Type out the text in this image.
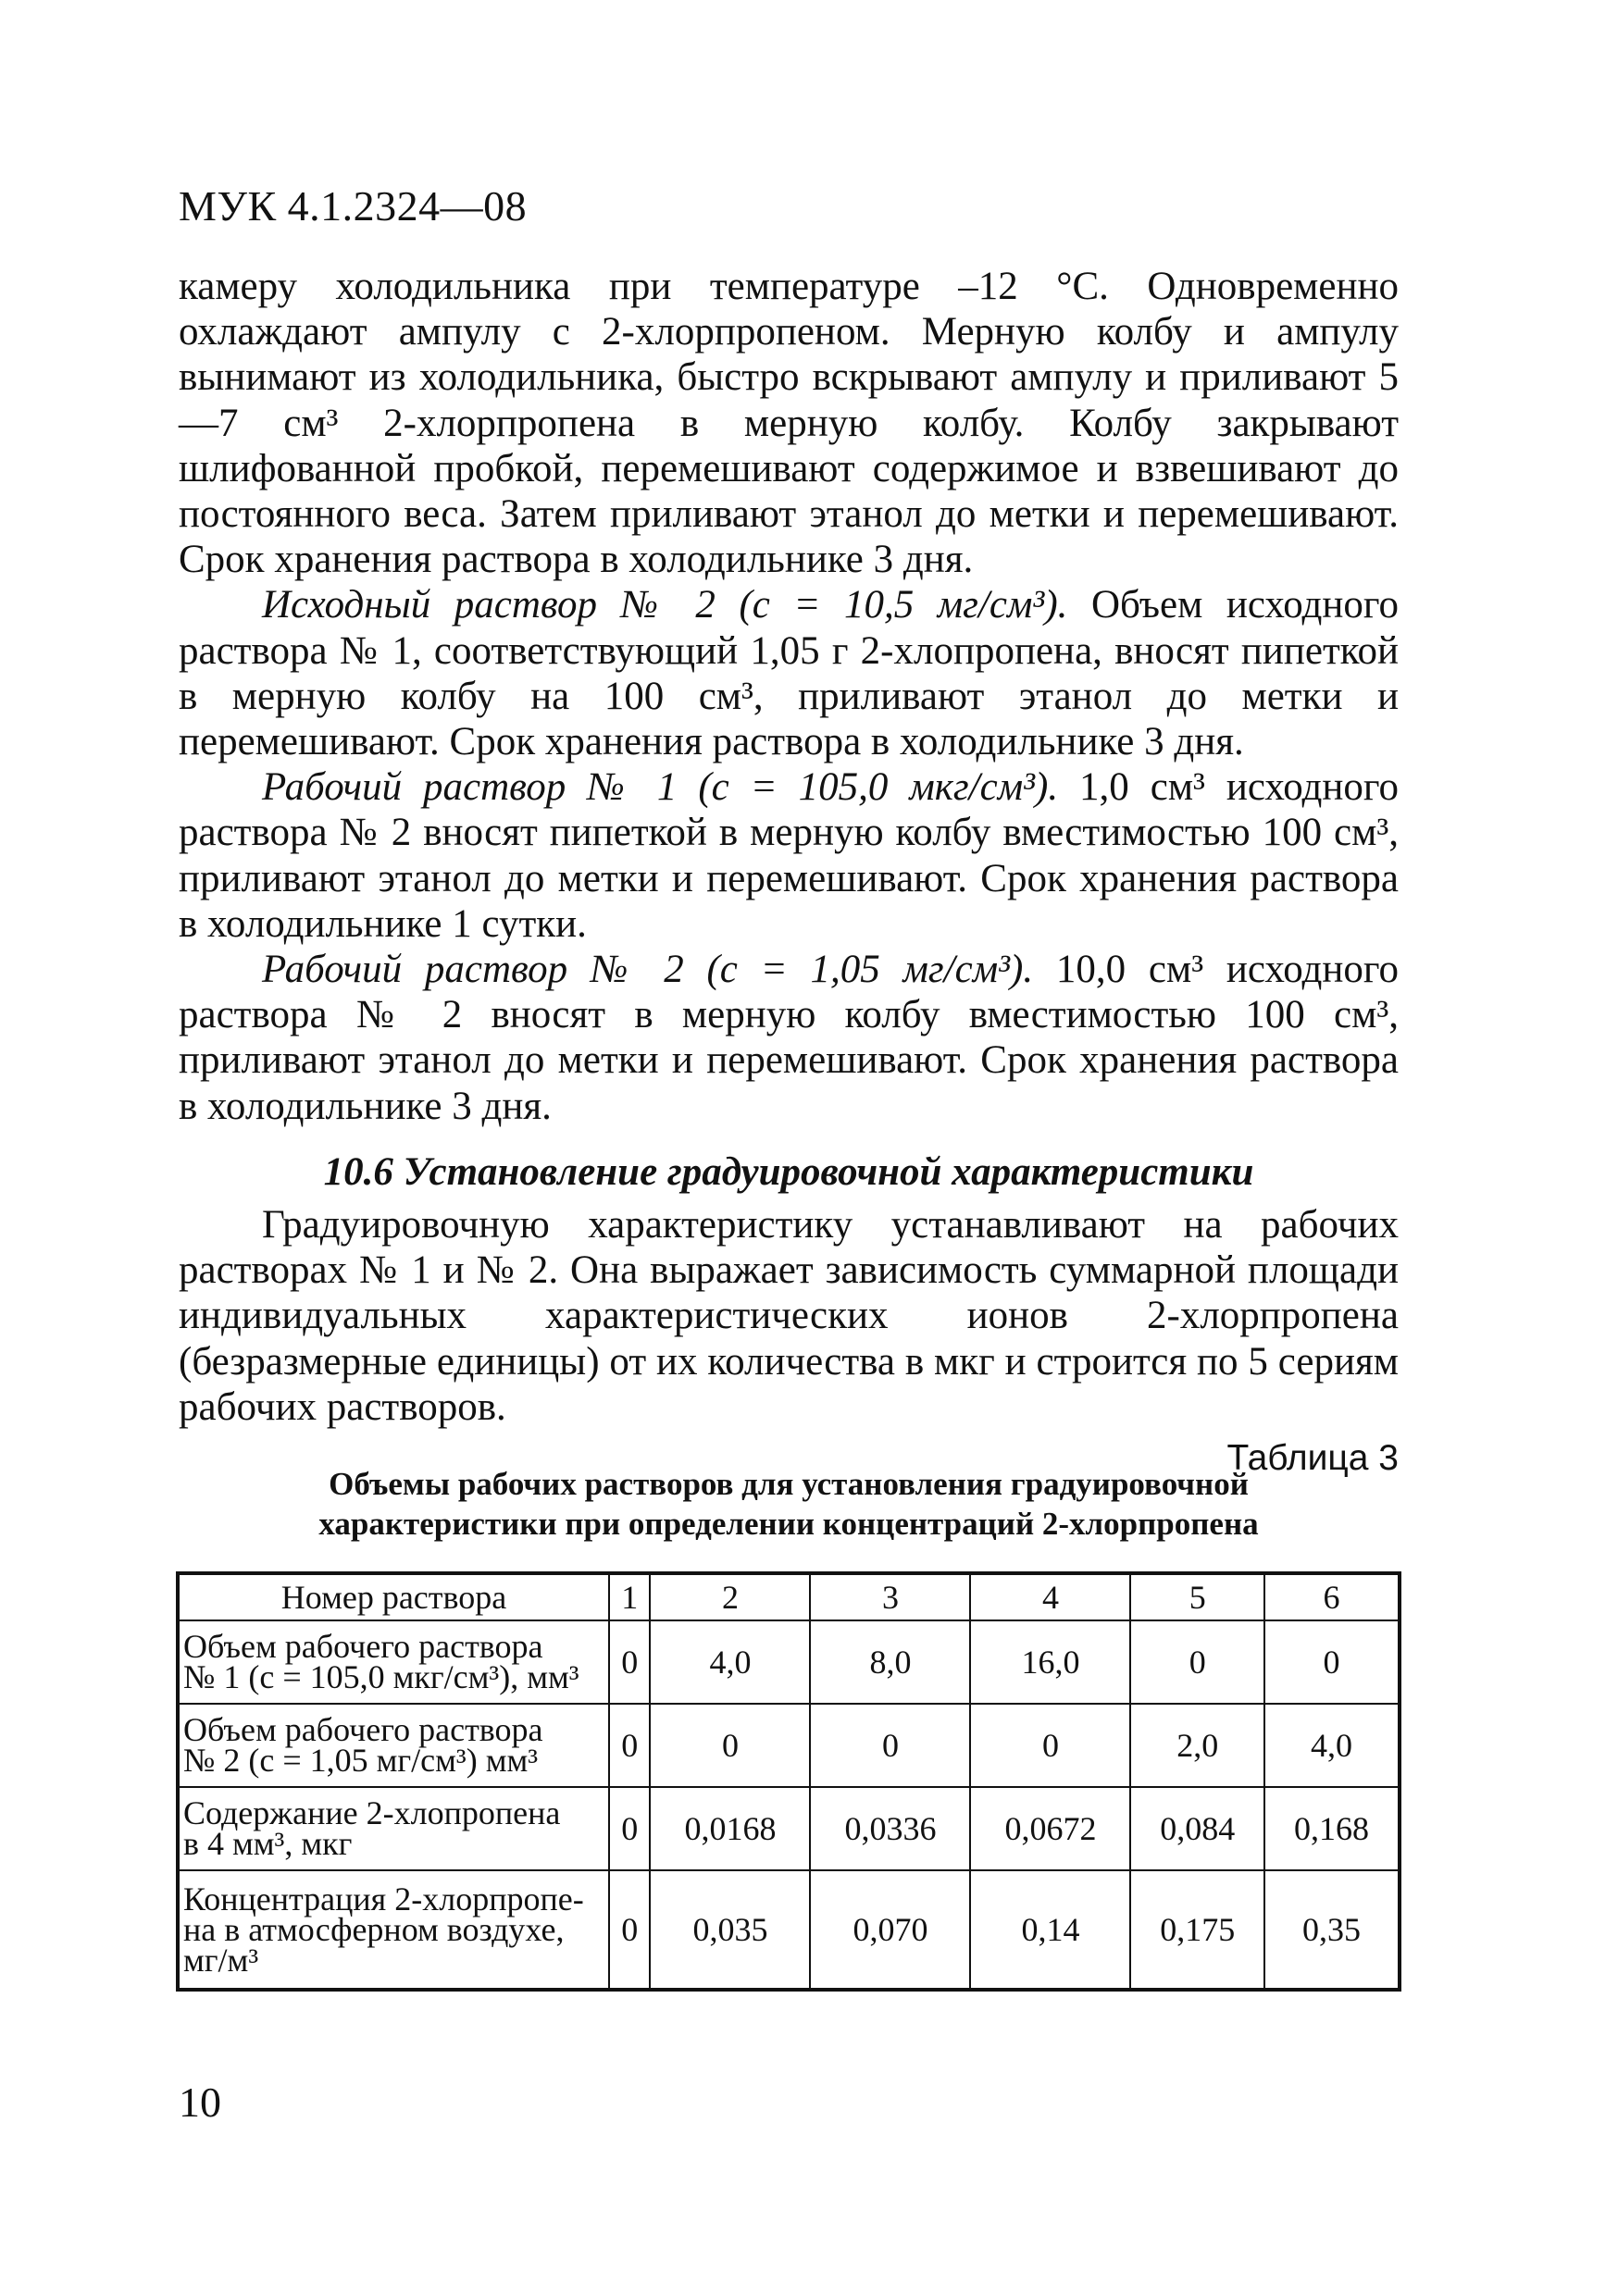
МУК 4.1.2324—08

камеру холодильника при температуре –12 °С. Одновременно охлаждают ампулу с 2-хлорпропеном. Мерную колбу и ампулу вынимают из холодильника, быстро вскрывают ампулу и приливают 5—7 см³ 2-хлорпропена в мерную колбу. Колбу закрывают шлифованной пробкой, перемешивают содержимое и взвешивают до постоянного веса. Затем приливают этанол до метки и перемешивают. Срок хранения раствора в холодильнике 3 дня.

Исходный раствор № 2 (с = 10,5 мг/см³). Объем исходного раствора № 1, соответствующий 1,05 г 2-хлопропена, вносят пипеткой в мерную колбу на 100 см³, приливают этанол до метки и перемешивают. Срок хранения раствора в холодильнике 3 дня.

Рабочий раствор № 1 (с = 105,0 мкг/см³). 1,0 см³ исходного раствора № 2 вносят пипеткой в мерную колбу вместимостью 100 см³, приливают этанол до метки и перемешивают. Срок хранения раствора в холодильнике 1 сутки.

Рабочий раствор № 2 (с = 1,05 мг/см³). 10,0 см³ исходного раствора № 2 вносят в мерную колбу вместимостью 100 см³, приливают этанол до метки и перемешивают. Срок хранения раствора в холодильнике 3 дня.

10.6 Установление градуировочной характеристики

Градуировочную характеристику устанавливают на рабочих растворах № 1 и № 2. Она выражает зависимость суммарной площади индивидуальных характеристических ионов 2-хлорпропена (безразмерные единицы) от их количества в мкг и строится по 5 сериям рабочих растворов.

Таблица 3
Объемы рабочих растворов для установления градуировочной
характеристики при определении концентраций 2-хлорпропена
Номер раствора	1	2	3	4	5	6

Объем рабочего раствора
№ 1 (с = 105,0 мкг/см³), мм³	0	4,0	8,0	16,0	0	0

Объем рабочего раствора
№ 2 (с = 1,05 мг/см³) мм³	0	0	0	0	2,0	4,0

Содержание 2-хлопропена
в 4 мм³, мкг	0	0,0168	0,0336	0,0672	0,084	0,168

Концентрация 2-хлорпропе-
на в атмосферном воздухе,
мг/м³	0	0,035	0,070	0,14	0,175	0,35
10
